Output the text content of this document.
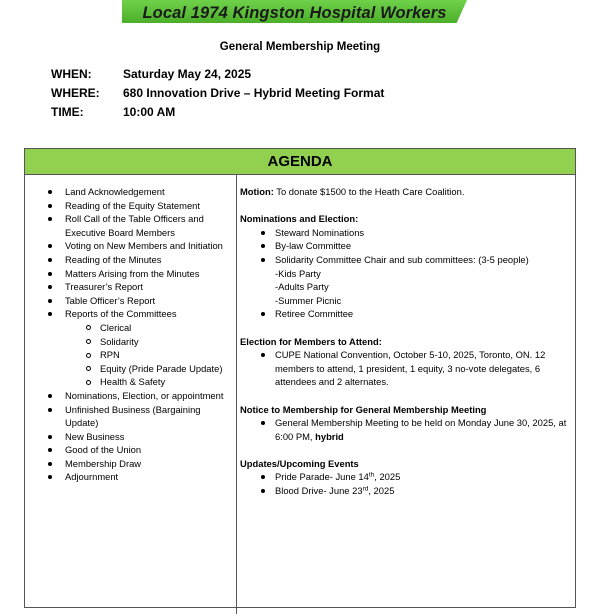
Local 1974 Kingston Hospital Workers
General Membership Meeting
WHEN:	Saturday May 24, 2025
WHERE: 680 Innovation Drive – Hybrid Meeting Format
TIME:	10:00 AM
AGENDA
Land Acknowledgement
Reading of the Equity Statement
Roll Call of the Table Officers and Executive Board Members
Voting on New Members and Initiation
Reading of the Minutes
Matters Arising from the Minutes
Treasurer’s Report
Table Officer’s Report
Reports of the Committees
Clerical
Solidarity
RPN
Equity (Pride Parade Update)
Health & Safety
Nominations, Election, or appointment
Unfinished Business (Bargaining Update)
New Business
Good of the Union
Membership Draw
Adjournment

Motion: To donate $1500 to the Heath Care Coalition.

Nominations and Election:

Steward Nominations
By-law Committee
Solidarity Committee Chair and sub committees: (3-5 people)
-Kids Party
-Adults Party
-Summer Picnic
Retiree Committee

Election for Members to Attend:

CUPE National Convention, October 5-10, 2025, Toronto, ON. 12 members to attend, 1 president, 1 equity, 3 no-vote delegates, 6 attendees and 2 alternates.

Notice to Membership for General Membership Meeting

General Membership Meeting to be held on Monday June 30, 2025, at 6:00 PM, hybrid

Updates/Upcoming Events

Pride Parade- June 14th, 2025
Blood Drive- June 23rd, 2025
